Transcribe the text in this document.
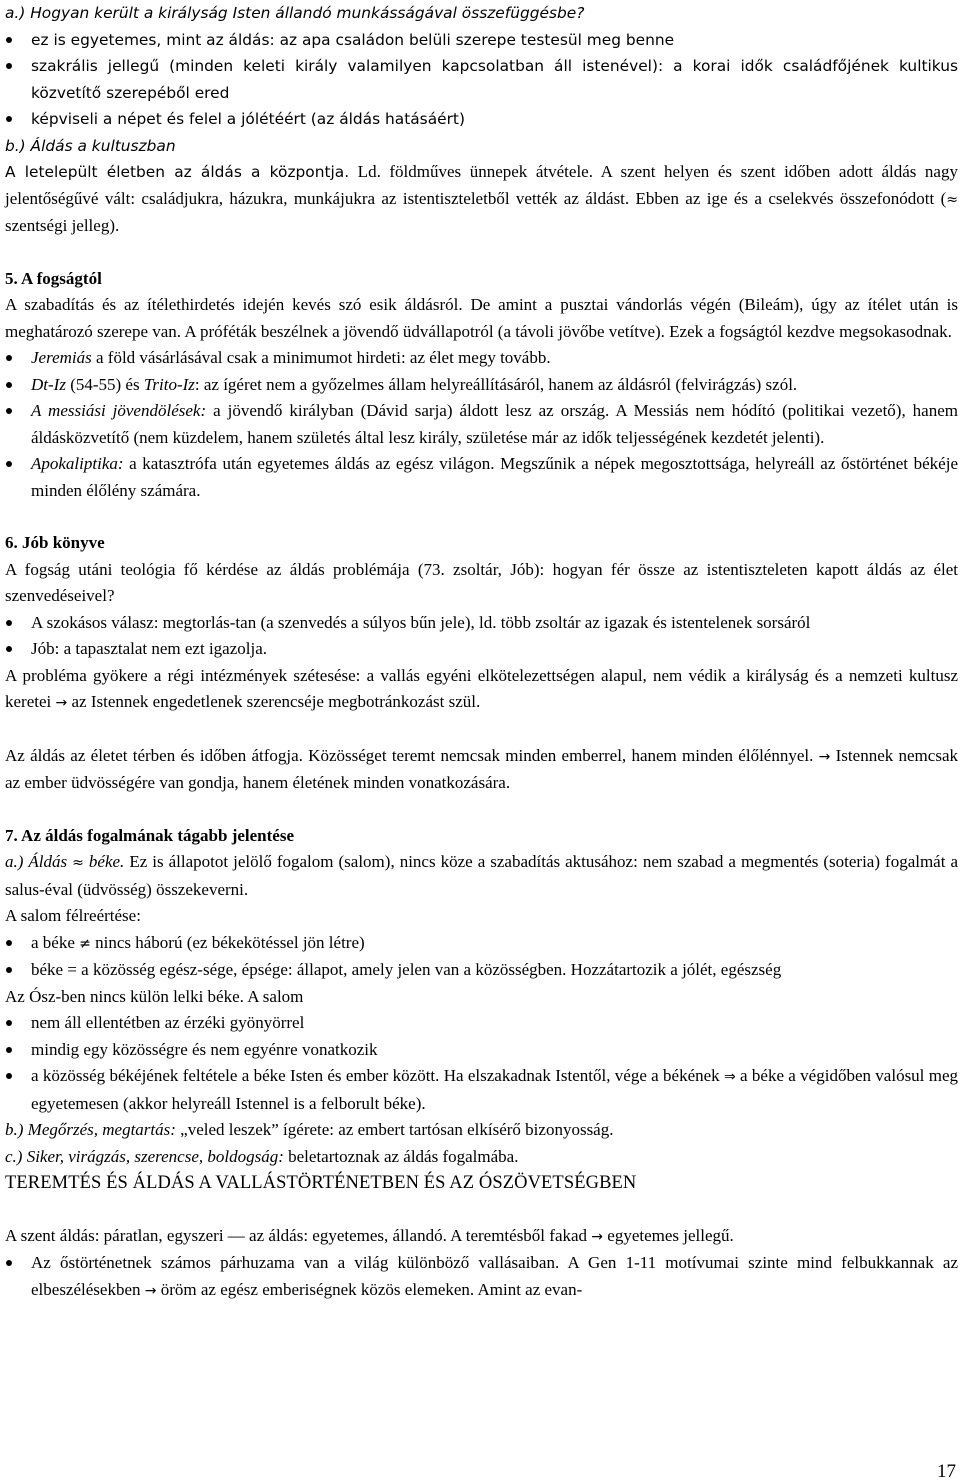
a.) Hogyan került a királyság Isten állandó munkásságával összefüggésbe?

ez is egyetemes, mint az áldás: az apa családon belüli szerepe testesül meg benne
szakrális jellegű (minden keleti király valamilyen kapcsolatban áll istenével): a korai idők családfőjének kultikus közvetítő szerepéből ered
képviseli a népet és felel a jólétéért (az áldás hatásáért)

b.) Áldás a kultuszban

A letelepült életben az áldás a központja. Ld. földműves ünnepek átvétele. A szent helyen és szent időben adott áldás nagy jelentőségűvé vált: családjukra, házukra, munkájukra az istentiszteletből vették az áldást. Ebben az ige és a cselekvés összefonódott (≈ szentségi jelleg).

5. A fogságtól

A szabadítás és az ítélethirdetés idején kevés szó esik áldásról. De amint a pusztai vándorlás végén (Bileám), úgy az ítélet után is meghatározó szerepe van. A próféták beszélnek a jövendő üdvállapotról (a távoli jövőbe vetítve). Ezek a fogságtól kezdve megsokasodnak.

Jeremiás a föld vásárlásával csak a minimumot hirdeti: az élet megy tovább.
Dt-Iz (54-55) és Trito-Iz: az ígéret nem a győzelmes állam helyreállításáról, hanem az áldásról (felvirágzás) szól.
A messiási jövendölések: a jövendő királyban (Dávid sarja) áldott lesz az ország. A Messiás nem hódító (politikai vezető), hanem áldásközvetítő (nem küzdelem, hanem születés által lesz király, születése már az idők teljességének kezdetét jelenti).
Apokaliptika: a katasztrófa után egyetemes áldás az egész világon. Megszűnik a népek megosztottsága, helyreáll az őstörténet békéje minden élőlény számára.

6. Jób könyve

A fogság utáni teológia fő kérdése az áldás problémája (73. zsoltár, Jób): hogyan fér össze az istentiszteleten kapott áldás az élet szenvedéseivel?

A szokásos válasz: megtorlás-tan (a szenvedés a súlyos bűn jele), ld. több zsoltár az igazak és istentelenek sorsáról
Jób: a tapasztalat nem ezt igazolja.

A probléma gyökere a régi intézmények szétesése: a vallás egyéni elkötelezettségen alapul, nem védik a királyság és a nemzeti kultusz keretei → az Istennek engedetlenek szerencséje megbotránkozást szül.

Az áldás az életet térben és időben átfogja. Közösséget teremt nemcsak minden emberrel, hanem minden élőlénnyel. → Istennek nemcsak az ember üdvösségére van gondja, hanem életének minden vonatkozására.

7. Az áldás fogalmának tágabb jelentése

a.) Áldás ≈ béke. Ez is állapotot jelölő fogalom (salom), nincs köze a szabadítás aktusához: nem szabad a megmentés (soteria) fogalmát a salus-éval (üdvösség) összekeverni.

A salom félreértése:

a béke ≠ nincs háború (ez békekötéssel jön létre)
béke = a közösség egész-sége, épsége: állapot, amely jelen van a közösségben. Hozzátartozik a jólét, egészség

Az Ósz-ben nincs külön lelki béke. A salom

nem áll ellentétben az érzéki gyönyörrel
mindig egy közösségre és nem egyénre vonatkozik
a közösség békéjének feltétele a béke Isten és ember között. Ha elszakadnak Istentől, vége a békének ⇒ a béke a végidőben valósul meg egyetemesen (akkor helyreáll Istennel is a felborult béke).

b.) Megőrzés, megtartás: „veled leszek” ígérete: az embert tartósan elkísérő bizonyosság.

c.) Siker, virágzás, szerencse, boldogság: beletartoznak az áldás fogalmába.

TEREMTÉS ÉS ÁLDÁS A VALLÁSTÖRTÉNETBEN ÉS AZ ÓSZÖVETSÉGBEN

A szent áldás: páratlan, egyszeri — az áldás: egyetemes, állandó. A teremtésből fakad → egyetemes jellegű.

Az őstörténetnek számos párhuzama van a világ különböző vallásaiban. A Gen 1-11 motívumai szinte mind felbukkannak az elbeszélésekben → öröm az egész emberiségnek közös elemeken. Amint az evan-
17
